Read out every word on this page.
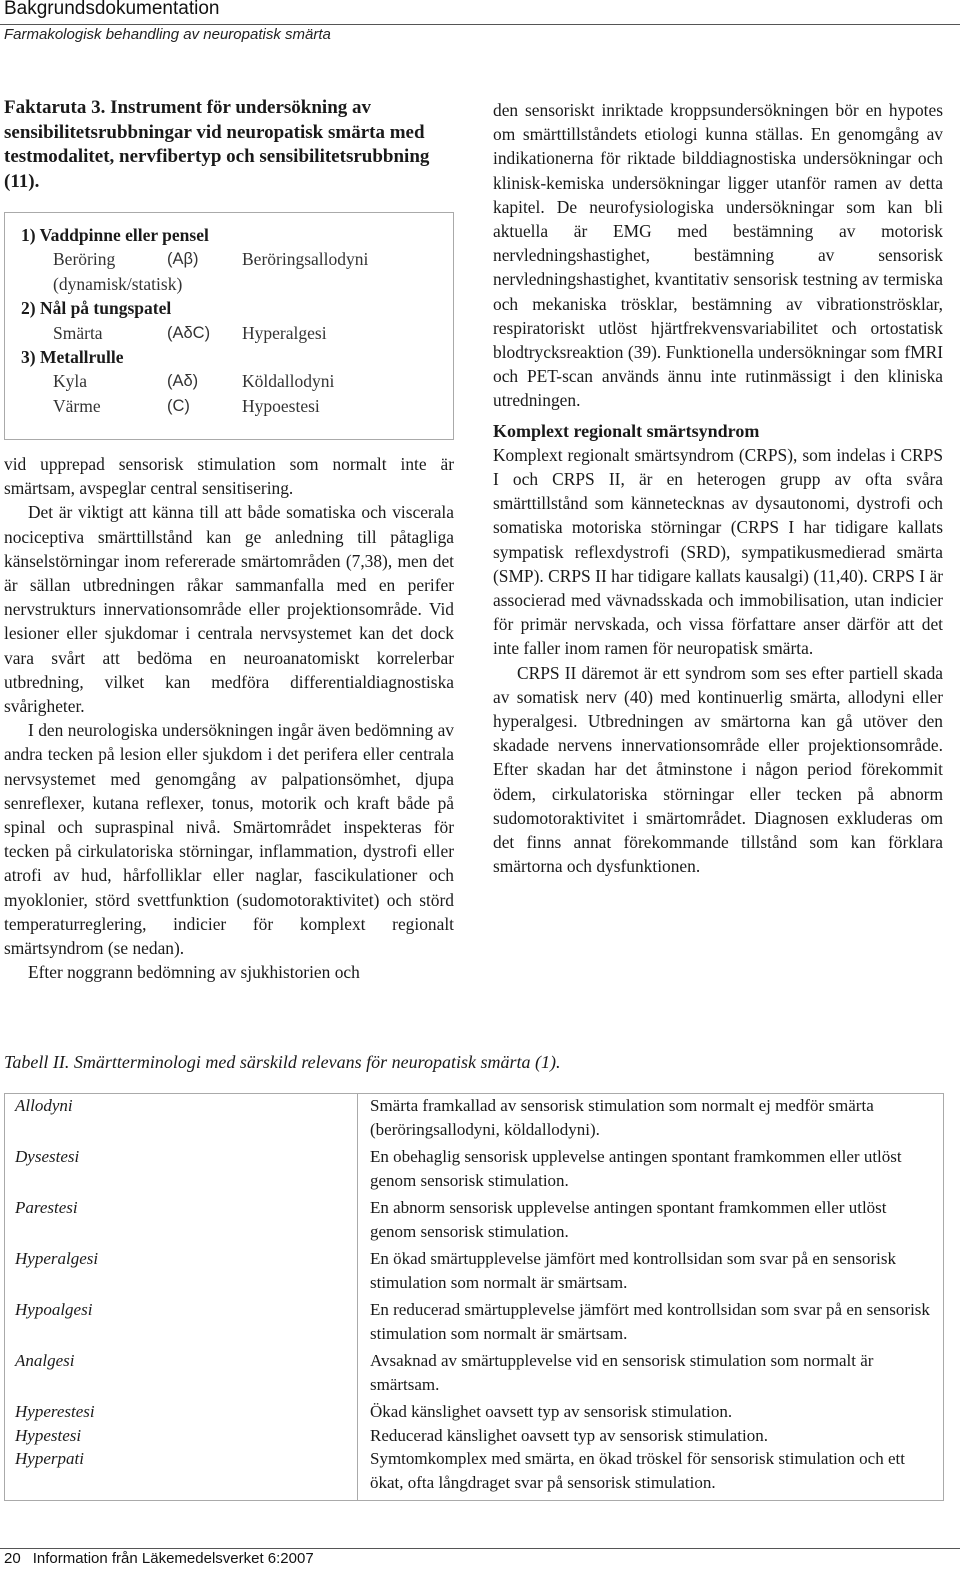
Bakgrundsdokumentation
Farmakologisk behandling av neuropatisk smärta

Faktaruta 3. Instrument för undersökning av sensibilitetsrubbningar vid neuropatisk smärta med testmodalitet, nervfibertyp och sensibilitetsrubbning (11).

1) Vaddpinne eller pensel
Beröring	(Aβ)	Beröringsallodyni
(dynamisk/statisk)
2) Nål på tungspatel
Smärta	(AδC)	Hyperalgesi
3) Metallrulle
Kyla	(Aδ)	Köldallodyni
Värme	(C)	Hypoestesi

vid upprepad sensorisk stimulation som normalt inte är smärtsam, avspeglar central sensitisering.

Det är viktigt att känna till att både somatiska och viscerala nociceptiva smärttillstånd kan ge anledning till påtagliga känselstörningar inom refererade smärtområden (7,38), men det är sällan utbredningen råkar sammanfalla med en perifer nervstrukturs innervationsområde eller projektionsområde. Vid lesioner eller sjukdomar i centrala nervsystemet kan det dock vara svårt att bedöma en neuroanatomiskt korrelerbar utbredning, vilket kan medföra differentialdiagnostiska svårigheter.

I den neurologiska undersökningen ingår även bedömning av andra tecken på lesion eller sjukdom i det perifera eller centrala nervsystemet med genomgång av palpationsömhet, djupa senreflexer, kutana reflexer, tonus, motorik och kraft både på spinal och supraspinal nivå. Smärtområdet inspekteras för tecken på cirkulatoriska störningar, inflammation, dystrofi eller atrofi av hud, hårfolliklar eller naglar, fascikulationer och myoklonier, störd svettfunktion (sudomotoraktivitet) och störd temperaturreglering, indicier för komplext regionalt smärtsyndrom (se nedan).

Efter noggrann bedömning av sjukhistorien och

den sensoriskt inriktade kroppsundersökningen bör en hypotes om smärttillståndets etiologi kunna ställas. En genomgång av indikationerna för riktade bilddiagnostiska undersökningar och klinisk-kemiska undersökningar ligger utanför ramen av detta kapitel. De neurofysiologiska undersökningar som kan bli aktuella är EMG med bestämning av motorisk nervledningshastighet, bestämning av sensorisk nervledningshastighet, kvantitativ sensorisk testning av termiska och mekaniska trösklar, bestämning av vibrationströsklar, respiratoriskt utlöst hjärtfrekvensvariabilitet och ortostatisk blodtrycksreaktion (39). Funktionella undersökningar som fMRI och PET-scan används ännu inte rutinmässigt i den kliniska utredningen.

Komplext regionalt smärtsyndrom

Komplext regionalt smärtsyndrom (CRPS), som indelas i CRPS I och CRPS II, är en heterogen grupp av ofta svåra smärttillstånd som kännetecknas av dysautonomi, dystrofi och somatiska motoriska störningar (CRPS I har tidigare kallats sympatisk reflexdystrofi (SRD), sympatikusmedierad smärta (SMP). CRPS II har tidigare kallats kausalgi) (11,40). CRPS I är associerad med vävnadsskada och immobilisation, utan indicier för primär nervskada, och vissa författare anser därför att det inte faller inom ramen för neuropatisk smärta.

CRPS II däremot är ett syndrom som ses efter partiell skada av somatisk nerv (40) med kontinuerlig smärta, allodyni eller hyperalgesi. Utbredningen av smärtorna kan gå utöver den skadade nervens innervationsområde eller projektionsområde. Efter skadan har det åtminstone i någon period förekommit ödem, cirkulatoriska störningar eller tecken på abnorm sudomotoraktivitet i smärtområdet. Diagnosen exkluderas om det finns annat förekommande tillstånd som kan förklara smärtorna och dysfunktionen.

Tabell II. Smärtterminologi med särskild relevans för neuropatisk smärta (1).
Allodyni	Smärta framkallad av sensorisk stimulation som normalt ej medför smärta (beröringsallodyni, köldallodyni).
Dysestesi	En obehaglig sensorisk upplevelse antingen spontant framkommen eller utlöst genom sensorisk stimulation.
Parestesi	En abnorm sensorisk upplevelse antingen spontant framkommen eller utlöst genom sensorisk stimulation.
Hyperalgesi	En ökad smärtupplevelse jämfört med kontrollsidan som svar på en sensorisk stimulation som normalt är smärtsam.
Hypoalgesi	En reducerad smärtupplevelse jämfört med kontrollsidan som svar på en sensorisk stimulation som normalt är smärtsam.
Analgesi	Avsaknad av smärtupplevelse vid en sensorisk stimulation som normalt är smärtsam.
Hyperestesi	Ökad känslighet oavsett typ av sensorisk stimulation.
Hypestesi	Reducerad känslighet oavsett typ av sensorisk stimulation.
Hyperpati	Symtomkomplex med smärta, en ökad tröskel för sensorisk stimulation och ett ökat, ofta långdraget svar på sensorisk stimulation.
20 Information från Läkemedelsverket 6:2007
